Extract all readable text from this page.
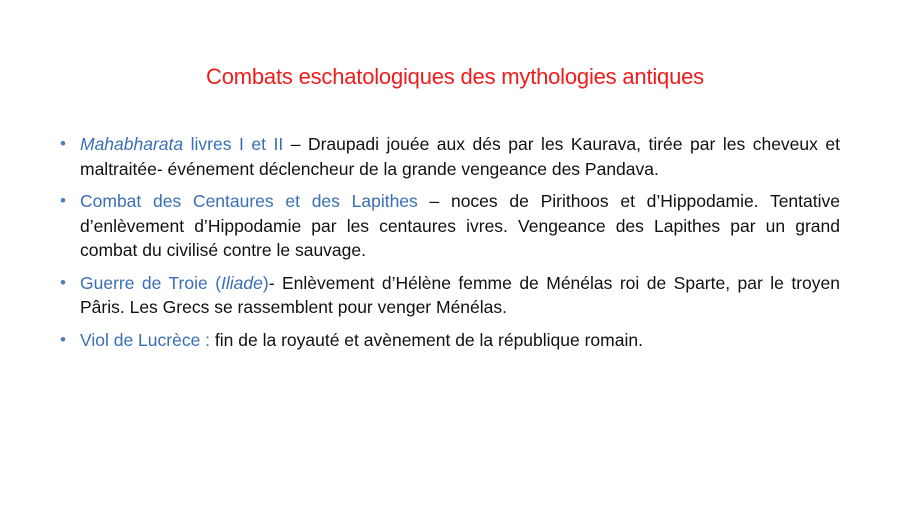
Combats eschatologiques des mythologies antiques
• Mahabharata livres I et II – Draupadi jouée aux dés par les Kaurava, tirée par les cheveux et maltraitée- événement déclencheur de la grande vengeance des Pandava.
• Combat des Centaures et des Lapithes – noces de Pirithoos et d’Hippodamie. Tentative d’enlèvement d’Hippodamie par les centaures ivres. Vengeance des Lapithes par un grand combat du civilisé contre le sauvage.
• Guerre de Troie (Iliade)- Enlèvement d’Hélène femme de Ménélas roi de Sparte, par le troyen Pâris. Les Grecs se rassemblent pour venger Ménélas.
• Viol de Lucrèce : fin de la royauté et avènement de la république romain.
